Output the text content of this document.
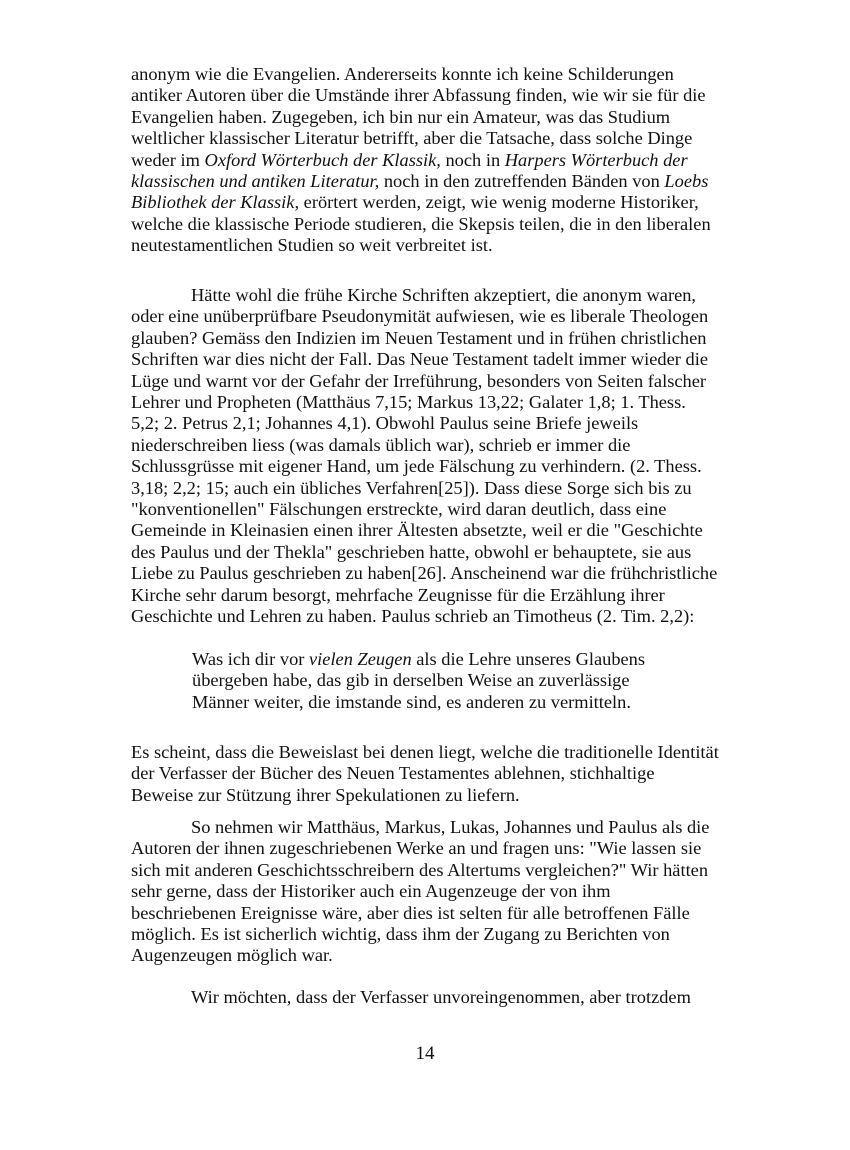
anonym wie die Evangelien. Andererseits konnte ich keine Schilderungen
antiker Autoren über die Umstände ihrer Abfassung finden, wie wir sie für die
Evangelien haben. Zugegeben, ich bin nur ein Amateur, was das Studium
weltlicher klassischer Literatur betrifft, aber die Tatsache, dass solche Dinge
weder im Oxford Wörterbuch der Klassik, noch in Harpers Wörterbuch der
klassischen und antiken Literatur, noch in den zutreffenden Bänden von Loebs
Bibliothek der Klassik, erörtert werden, zeigt, wie wenig moderne Historiker,
welche die klassische Periode studieren, die Skepsis teilen, die in den liberalen
neutestamentlichen Studien so weit verbreitet ist.
Hätte wohl die frühe Kirche Schriften akzeptiert, die anonym waren,
oder eine unüberprüfbare Pseudonymität aufwiesen, wie es liberale Theologen
glauben? Gemäss den Indizien im Neuen Testament und in frühen christlichen
Schriften war dies nicht der Fall. Das Neue Testament tadelt immer wieder die
Lüge und warnt vor der Gefahr der Irreführung, besonders von Seiten falscher
Lehrer und Propheten (Matthäus 7,15; Markus 13,22; Galater 1,8; 1. Thess.
5,2; 2. Petrus 2,1; Johannes 4,1). Obwohl Paulus seine Briefe jeweils
niederschreiben liess (was damals üblich war), schrieb er immer die
Schlussgrüsse mit eigener Hand, um jede Fälschung zu verhindern. (2. Thess.
3,18; 2,2; 15; auch ein übliches Verfahren[25]). Dass diese Sorge sich bis zu
"konventionellen" Fälschungen erstreckte, wird daran deutlich, dass eine
Gemeinde in Kleinasien einen ihrer Ältesten absetzte, weil er die "Geschichte
des Paulus und der Thekla" geschrieben hatte, obwohl er behauptete, sie aus
Liebe zu Paulus geschrieben zu haben[26]. Anscheinend war die frühchristliche
Kirche sehr darum besorgt, mehrfache Zeugnisse für die Erzählung ihrer
Geschichte und Lehren zu haben. Paulus schrieb an Timotheus (2. Tim. 2,2):
Was ich dir vor vielen Zeugen als die Lehre unseres Glaubens
übergeben habe, das gib in derselben Weise an zuverlässige
Männer weiter, die imstande sind, es anderen zu vermitteln.
Es scheint, dass die Beweislast bei denen liegt, welche die traditionelle Identität
der Verfasser der Bücher des Neuen Testamentes ablehnen, stichhaltige
Beweise zur Stützung ihrer Spekulationen zu liefern.
So nehmen wir Matthäus, Markus, Lukas, Johannes und Paulus als die
Autoren der ihnen zugeschriebenen Werke an und fragen uns: "Wie lassen sie
sich mit anderen Geschichtsschreibern des Altertums vergleichen?" Wir hätten
sehr gerne, dass der Historiker auch ein Augenzeuge der von ihm
beschriebenen Ereignisse wäre, aber dies ist selten für alle betroffenen Fälle
möglich. Es ist sicherlich wichtig, dass ihm der Zugang zu Berichten von
Augenzeugen möglich war.
Wir möchten, dass der Verfasser unvoreingenommen, aber trotzdem
14
